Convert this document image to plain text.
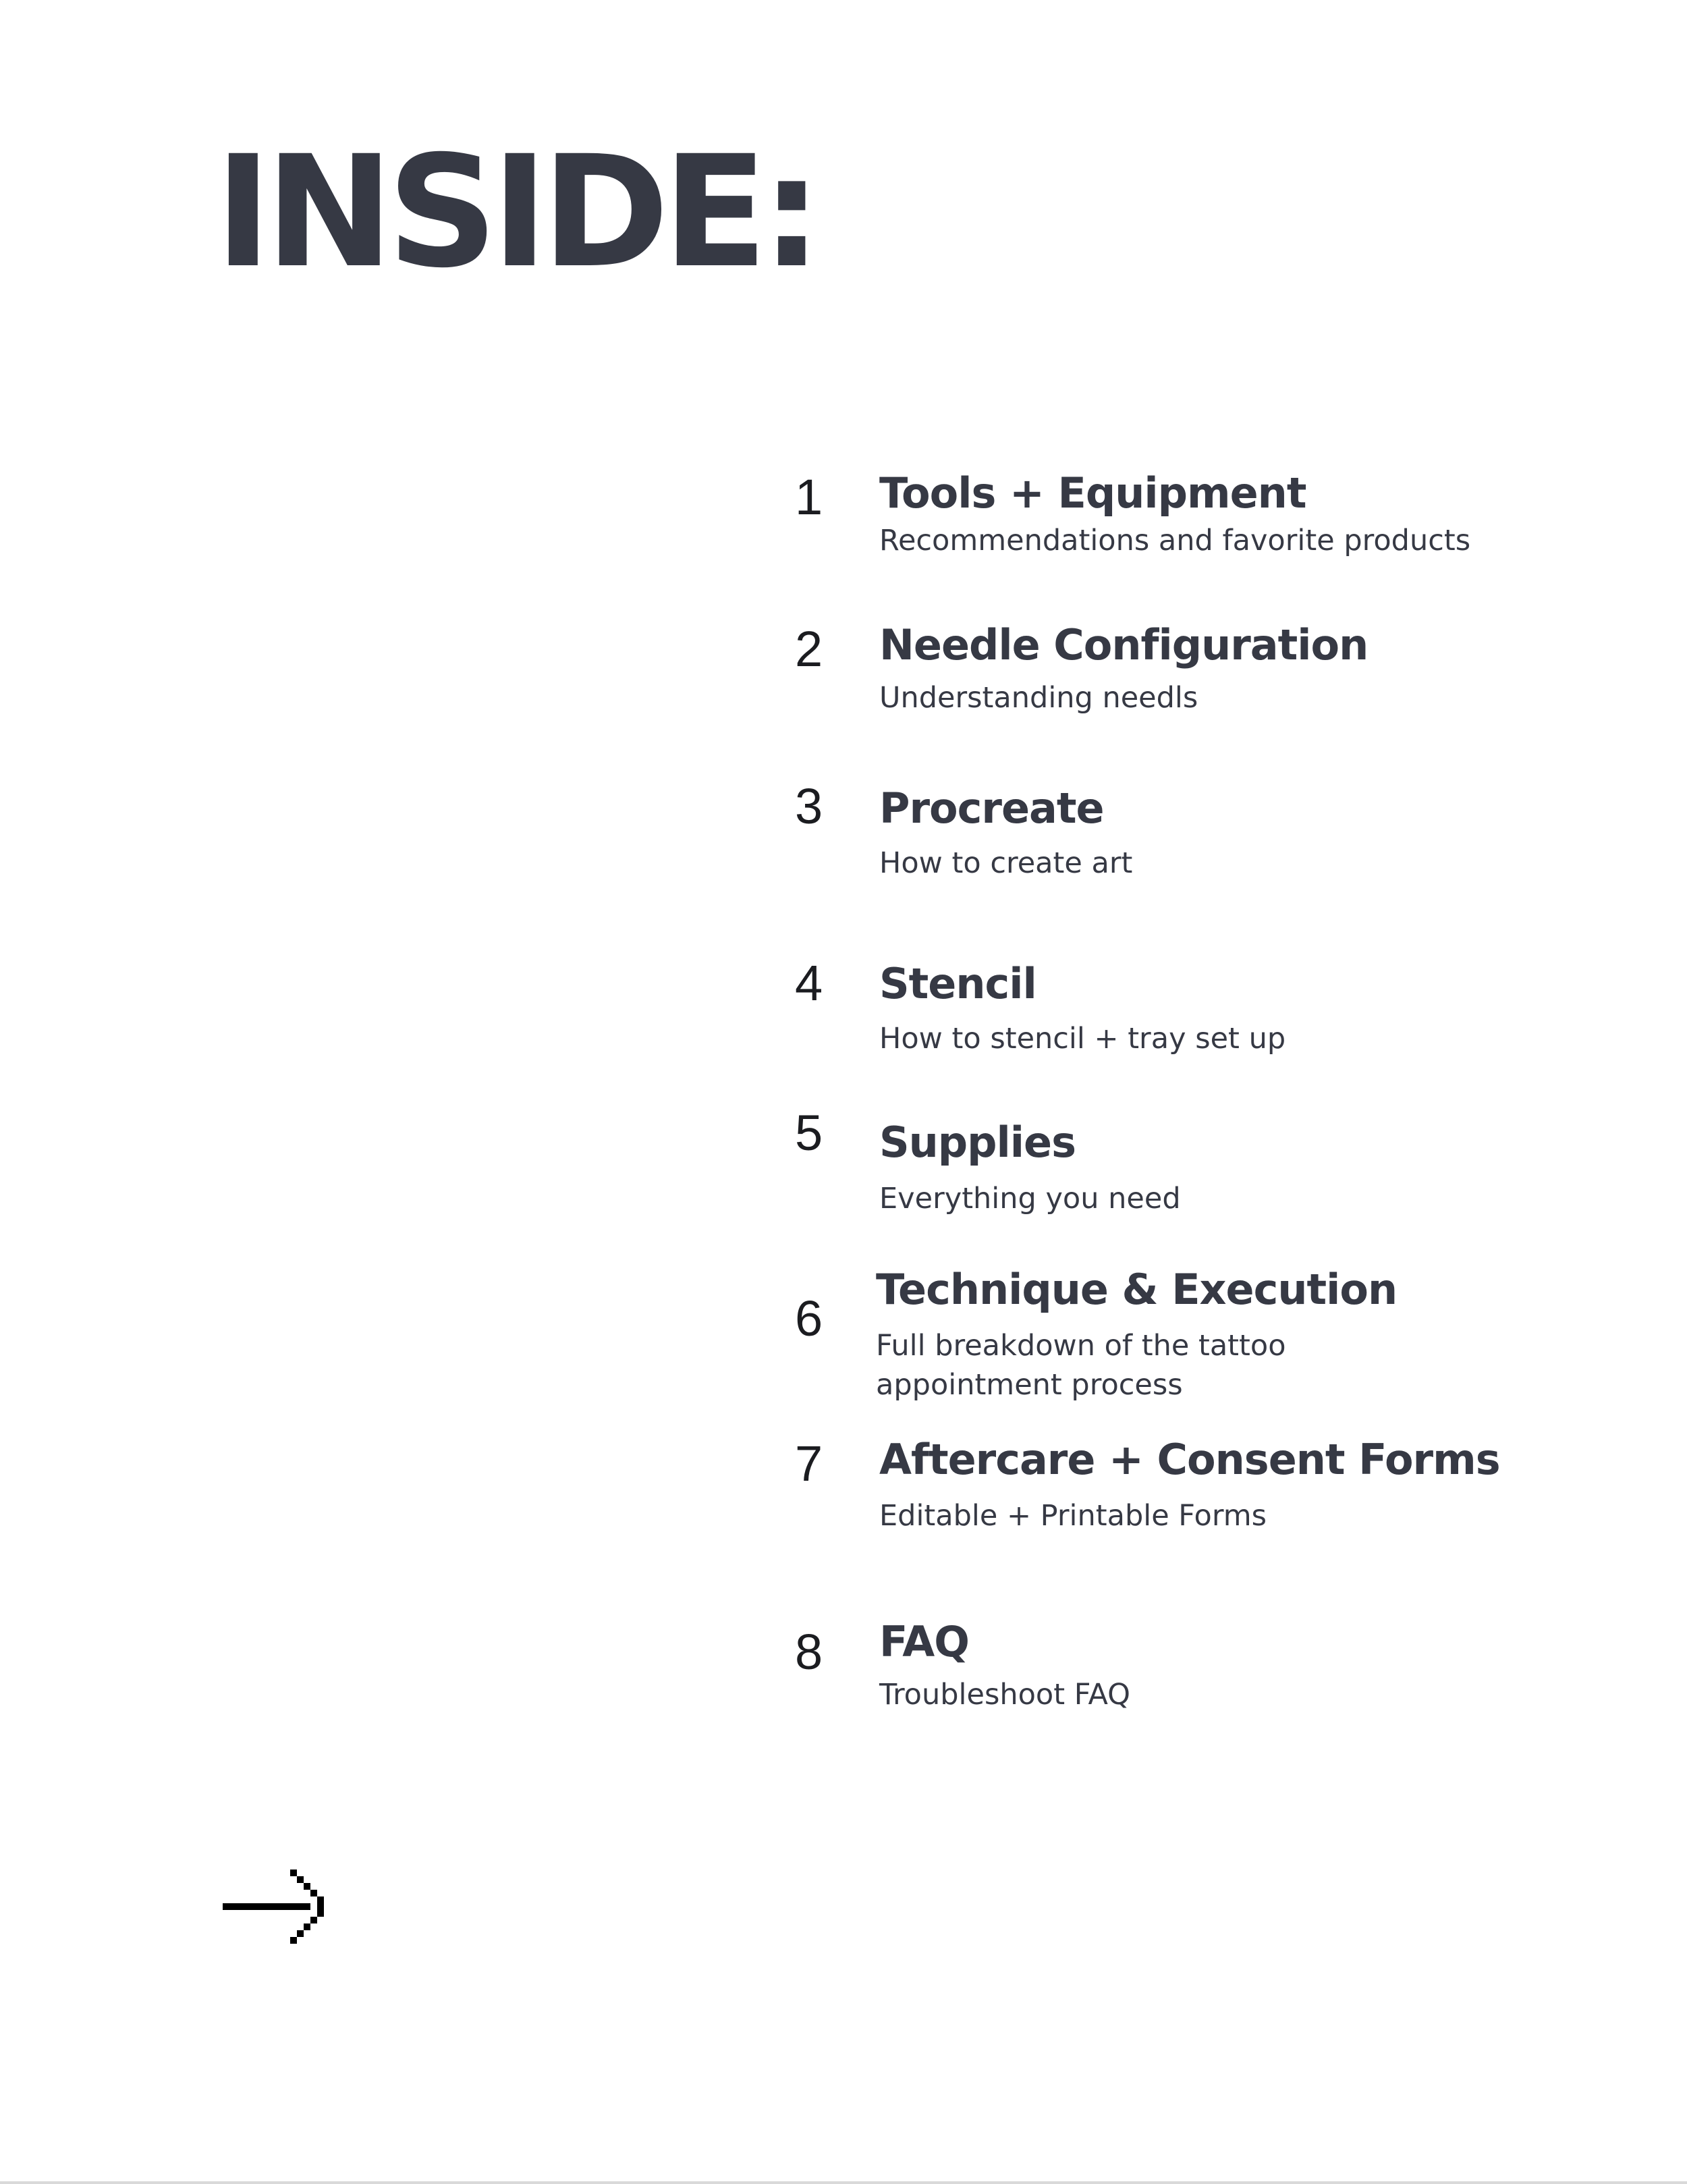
INSIDE:
1 Tools + Equipment

Recommendations and favorite products

2 Needle Configuration

Understanding needls

3 Procreate

How to create art

4 Stencil

How to stencil + tray set up

5 Supplies

Everything you need

6
Technique & Execution

Full breakdown of the tattoo appointment process

7 Aftercare + Consent Forms

Editable + Printable Forms

8 FAQ

Troubleshoot FAQ
